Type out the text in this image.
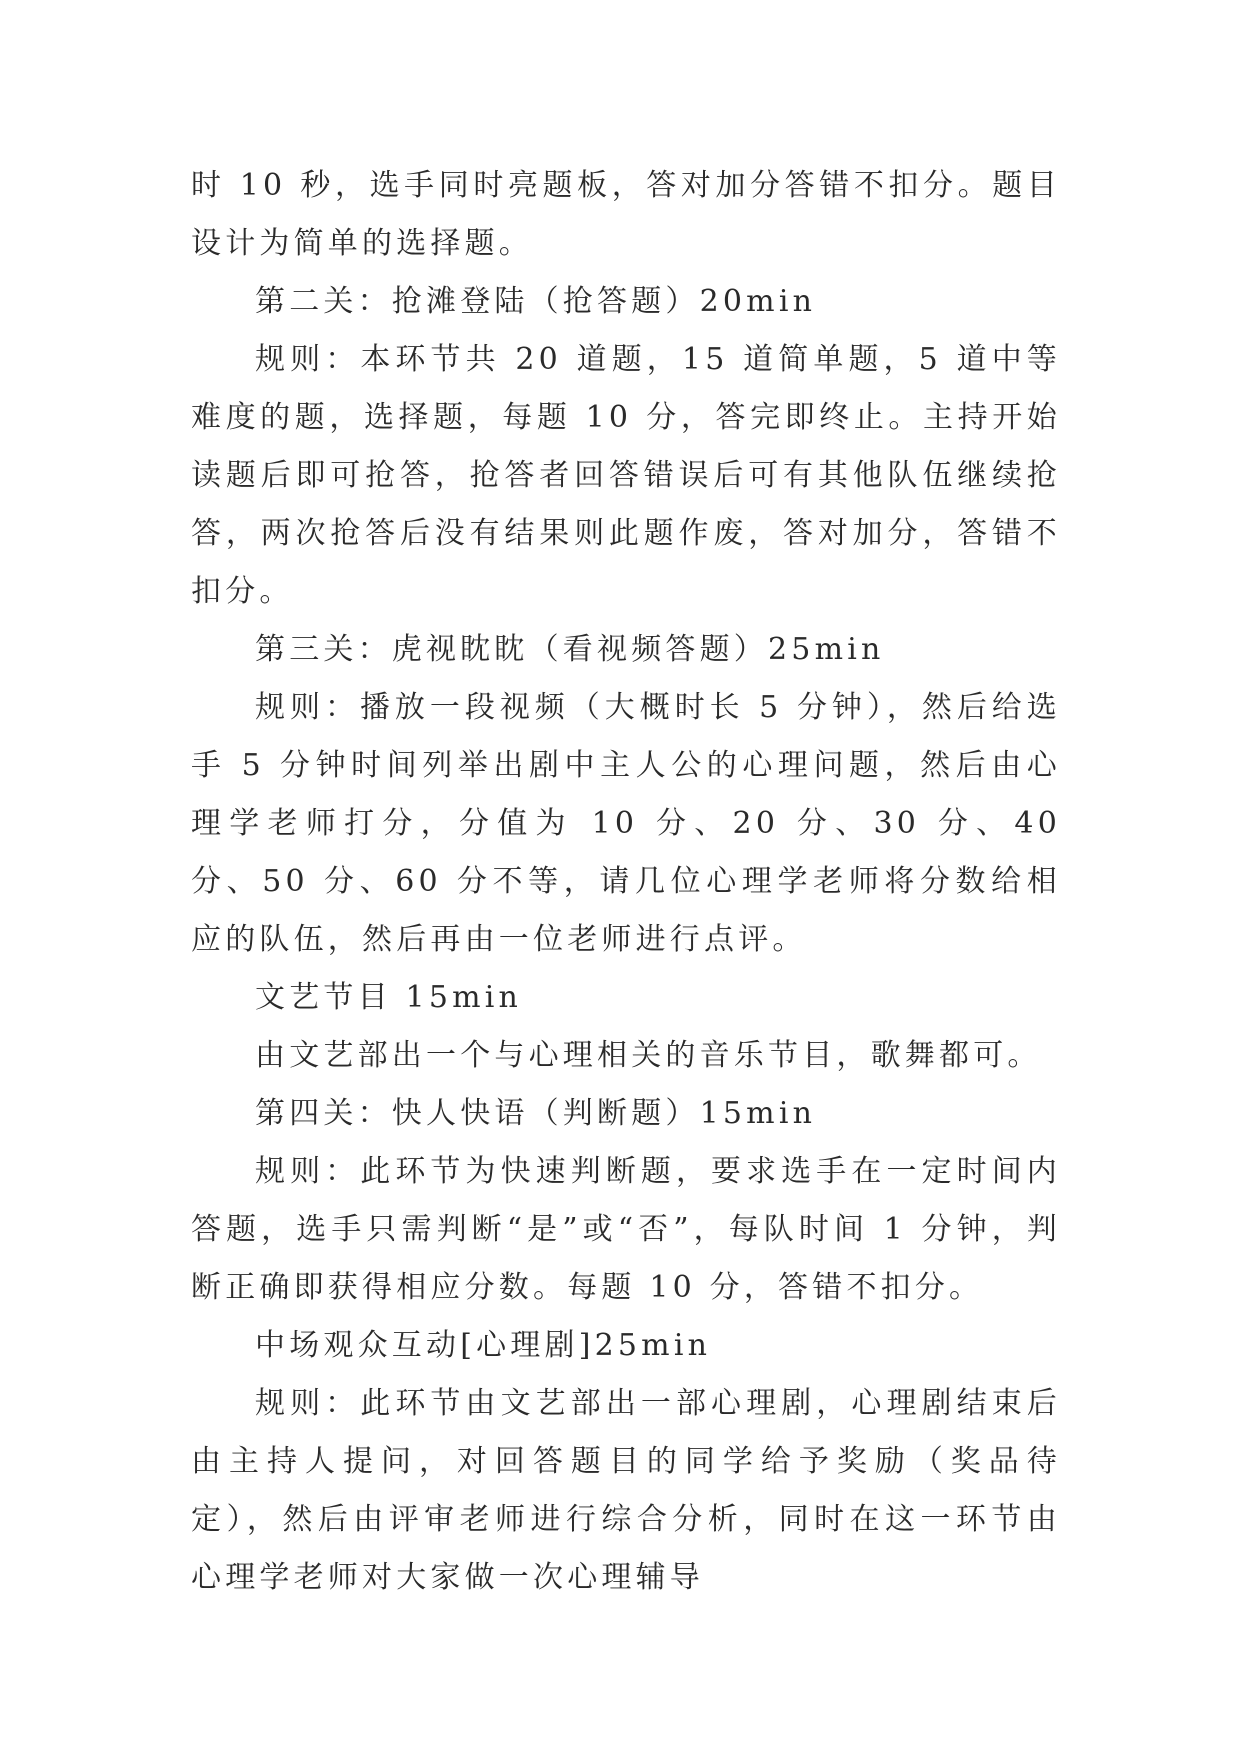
时 10 秒，选手同时亮题板，答对加分答错不扣分。题目设计为简单的选择题。

第二关：抢滩登陆（抢答题）20min

规则：本环节共 20 道题，15 道简单题，5 道中等难度的题，选择题，每题 10 分，答完即终止。主持开始读题后即可抢答，抢答者回答错误后可有其他队伍继续抢答，两次抢答后没有结果则此题作废，答对加分，答错不扣分。

第三关：虎视眈眈（看视频答题）25min

规则：播放一段视频（大概时长 5 分钟），然后给选手 5 分钟时间列举出剧中主人公的心理问题，然后由心理学老师打分，分值为 10 分、20 分、30 分、40 分、50 分、60 分不等，请几位心理学老师将分数给相应的队伍，然后再由一位老师进行点评。

文艺节目 15min

由文艺部出一个与心理相关的音乐节目，歌舞都可。

第四关：快人快语（判断题）15min

规则：此环节为快速判断题，要求选手在一定时间内答题，选手只需判断“是”或“否”，每队时间 1 分钟，判断正确即获得相应分数。每题 10 分，答错不扣分。

中场观众互动[心理剧]25min

规则：此环节由文艺部出一部心理剧，心理剧结束后由主持人提问，对回答题目的同学给予奖励（奖品待定），然后由评审老师进行综合分析，同时在这一环节由心理学老师对大家做一次心理辅导
